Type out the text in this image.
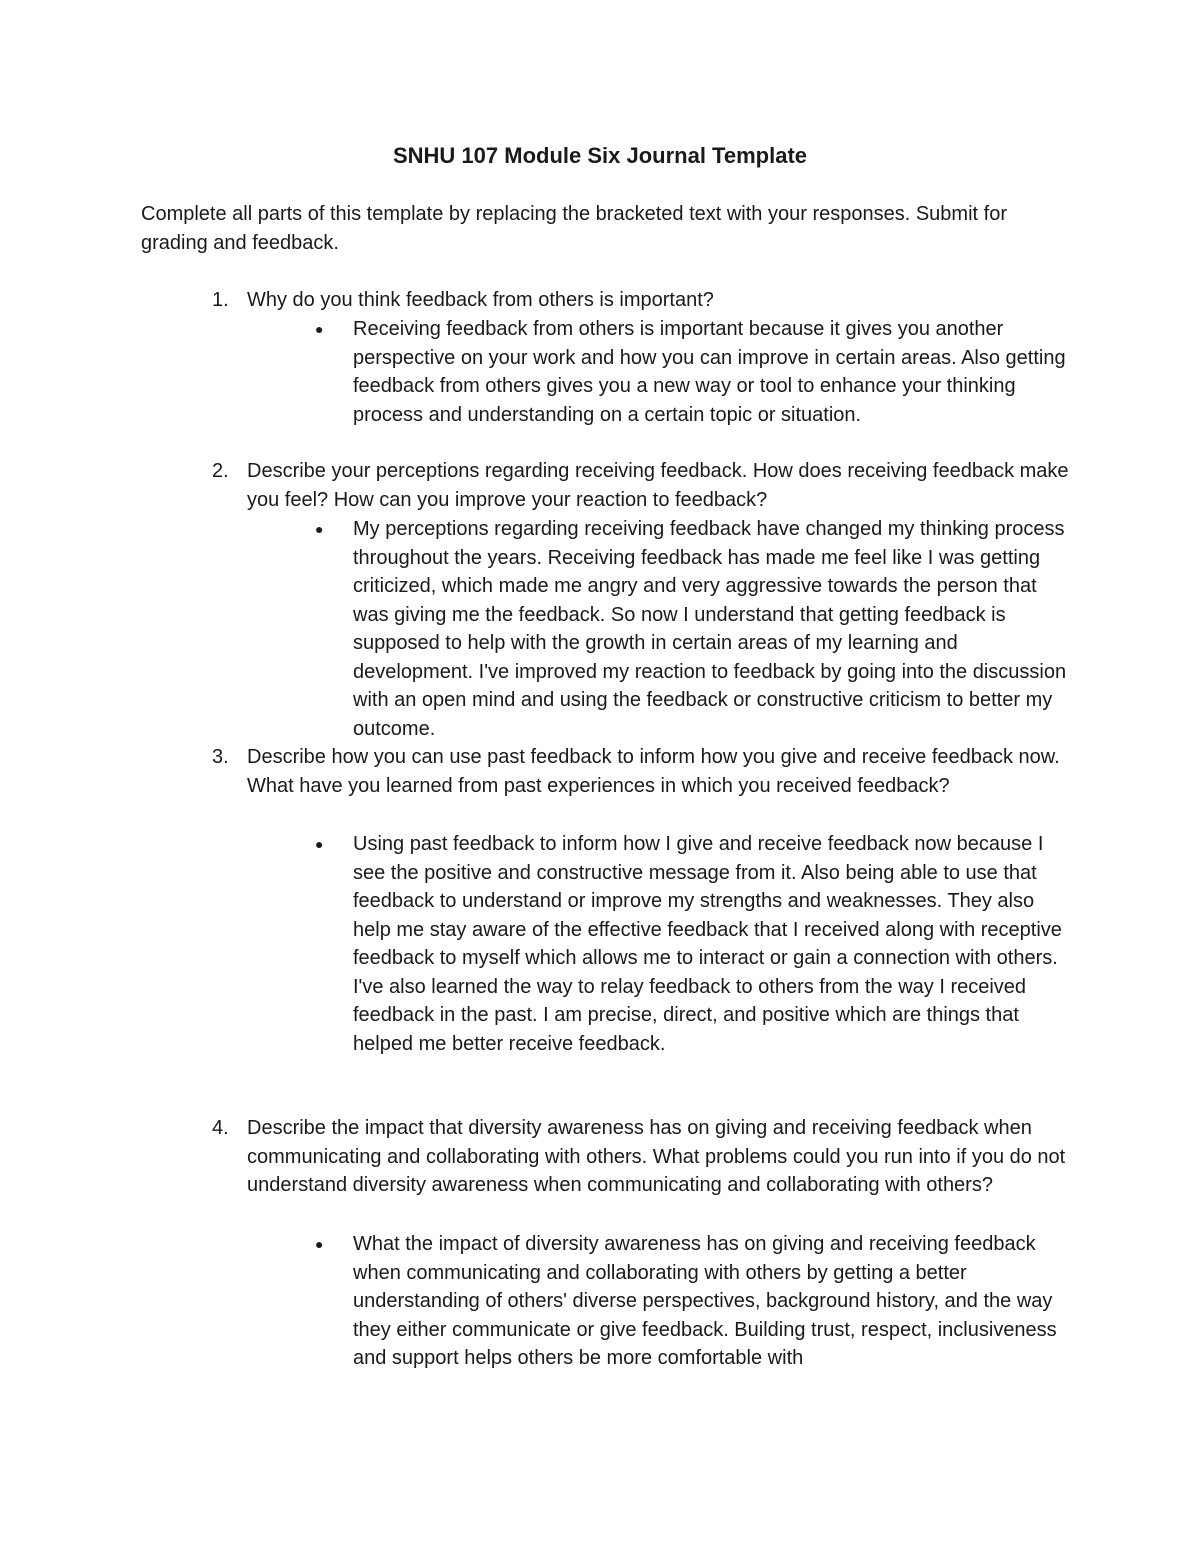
SNHU 107 Module Six Journal Template

Complete all parts of this template by replacing the bracketed text with your responses. Submit for grading and feedback.

1. Why do you think feedback from others is important?
● Receiving feedback from others is important because it gives you another perspective on your work and how you can improve in certain areas. Also getting feedback from others gives you a new way or tool to enhance your thinking process and understanding on a certain topic or situation.
2. Describe your perceptions regarding receiving feedback. How does receiving feedback make you feel? How can you improve your reaction to feedback?
● My perceptions regarding receiving feedback have changed my thinking process throughout the years. Receiving feedback has made me feel like I was getting criticized, which made me angry and very aggressive towards the person that was giving me the feedback. So now I understand that getting feedback is supposed to help with the growth in certain areas of my learning and development. I've improved my reaction to feedback by going into the discussion with an open mind and using the feedback or constructive criticism to better my outcome.
3. Describe how you can use past feedback to inform how you give and receive feedback now. What have you learned from past experiences in which you received feedback?
● Using past feedback to inform how I give and receive feedback now because I see the positive and constructive message from it. Also being able to use that feedback to understand or improve my strengths and weaknesses. They also help me stay aware of the effective feedback that I received along with receptive feedback to myself which allows me to interact or gain a connection with others. I've also learned the way to relay feedback to others from the way I received feedback in the past. I am precise, direct, and positive which are things that helped me better receive feedback.
4. Describe the impact that diversity awareness has on giving and receiving feedback when communicating and collaborating with others. What problems could you run into if you do not understand diversity awareness when communicating and collaborating with others?
● What the impact of diversity awareness has on giving and receiving feedback when communicating and collaborating with others by getting a better understanding of others' diverse perspectives, background history, and the way they either communicate or give feedback. Building trust, respect, inclusiveness and support helps others be more comfortable with
